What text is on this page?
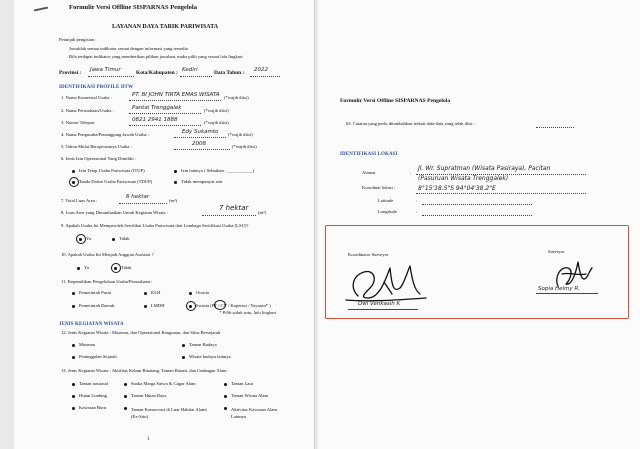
Formulir Versi Offline SISPARNAS Pengelola
LAYANAN DAYA TARIK PARIWISATA
Petunjuk pengisian :
Jawablah semua indikator sesuai dengan informasi yang tersedia
Bila terdapat indikator yang memberikan pilihan jawaban, maka pilih yang sesuai lalu lingkari
Provinsi : Jawa Timur	Kota/Kabupaten : Kediri	Data Tahun : 2022
IDENTIFIKASI PROFILE DTW
1. Nama Komersial Usaha :	PT. BI JOHN TIRTA EMAS WISATA (*wajib diisi)
2. Nama Perusahaan/Usaha :	Pantai Trenggalek	(*wajib diisi)
3. Nomor Telepon	0821 2941 1888	(*wajib diisi)
4. Nama Pengusaha/Penanggung Jawab Usaha :	Edy Sukamto (*wajib diisi)
5. Tahun Mulai Beroperasinya Usaha :	2008	(*wajib diisi)
6. Jenis Izin Operasional Yang Dimiliki :
Izin Tetap Usaha Pariwisata (ITUP)	Izin lainnya ( Sebutkan : ___________)
Tanda Daftar Usaha Pariwisata (TDUP)	Tidak mempunyai izin
7. Total Luas Area :
6 hektar
(m²)
8. Luas Area yang Dimanfaatkan Untuk Kegiatan Wisata :
7 hektar
(m²)
9. Apakah Usaha Ini Memperoleh Sertifikat Usaha Pariwisata dari Lembaga Sertifikasi Usaha (LSU)?
Ya	Tidak
10. Apakah Usaha Ini Menjadi Anggota Asosiasi ?
Ya	Tidak
11. Kepemilikan Pengelolaan Usaha/Perusahaan :
Pemerintah Pusat	KLH	Otorita
Pemerintah Daerah	LMDH	Swasta (PT / CV / Koperasi / Yayasan* )
* Pilih salah satu, lalu lingkari
JENIS KEGIATAN WISATA
12. Jenis Kegiatan Wisata : Museum, dan Operasional Bangunan, dan Situs Bersejarah
Museum	Taman Budaya
Peninggalan Sejarah	Wisata budaya lainnya
13. Jenis Kegiatan Wisata : Aktifitas Kebun Binatang, Taman Botani, dan Cadangan Alam
Taman nasional	Suaka Marga Satwa & Cagar Alam	Taman Laut
Hutan Lindung	Taman Hutan Raya	Taman Wisata Alam
Kawasan Buru	Taman Konservasi di Luar Habitat Alami (Ex-Situ)
Aktivitas Kawasan Alam Lainnya
1
Formulir Versi Offline SISPARNAS Pengelola
63. Catatan yang perlu ditambahkan terkait data-data yang telah diisi :
IDENTIFIKASI LOKASI
Alamat	:
Jl. Wr. Supratman (Wisata Pasiraya), Pacitan
(Pasuruan Wisata Trenggalek)
Koordinat lokasi :	8°15'18.5"S 94°04'38.2"E
Latitude	:
Longitude	:
Koordinator Surveyor
Surveyor
Dwi Venkasih K
Sopia Helmy R.
